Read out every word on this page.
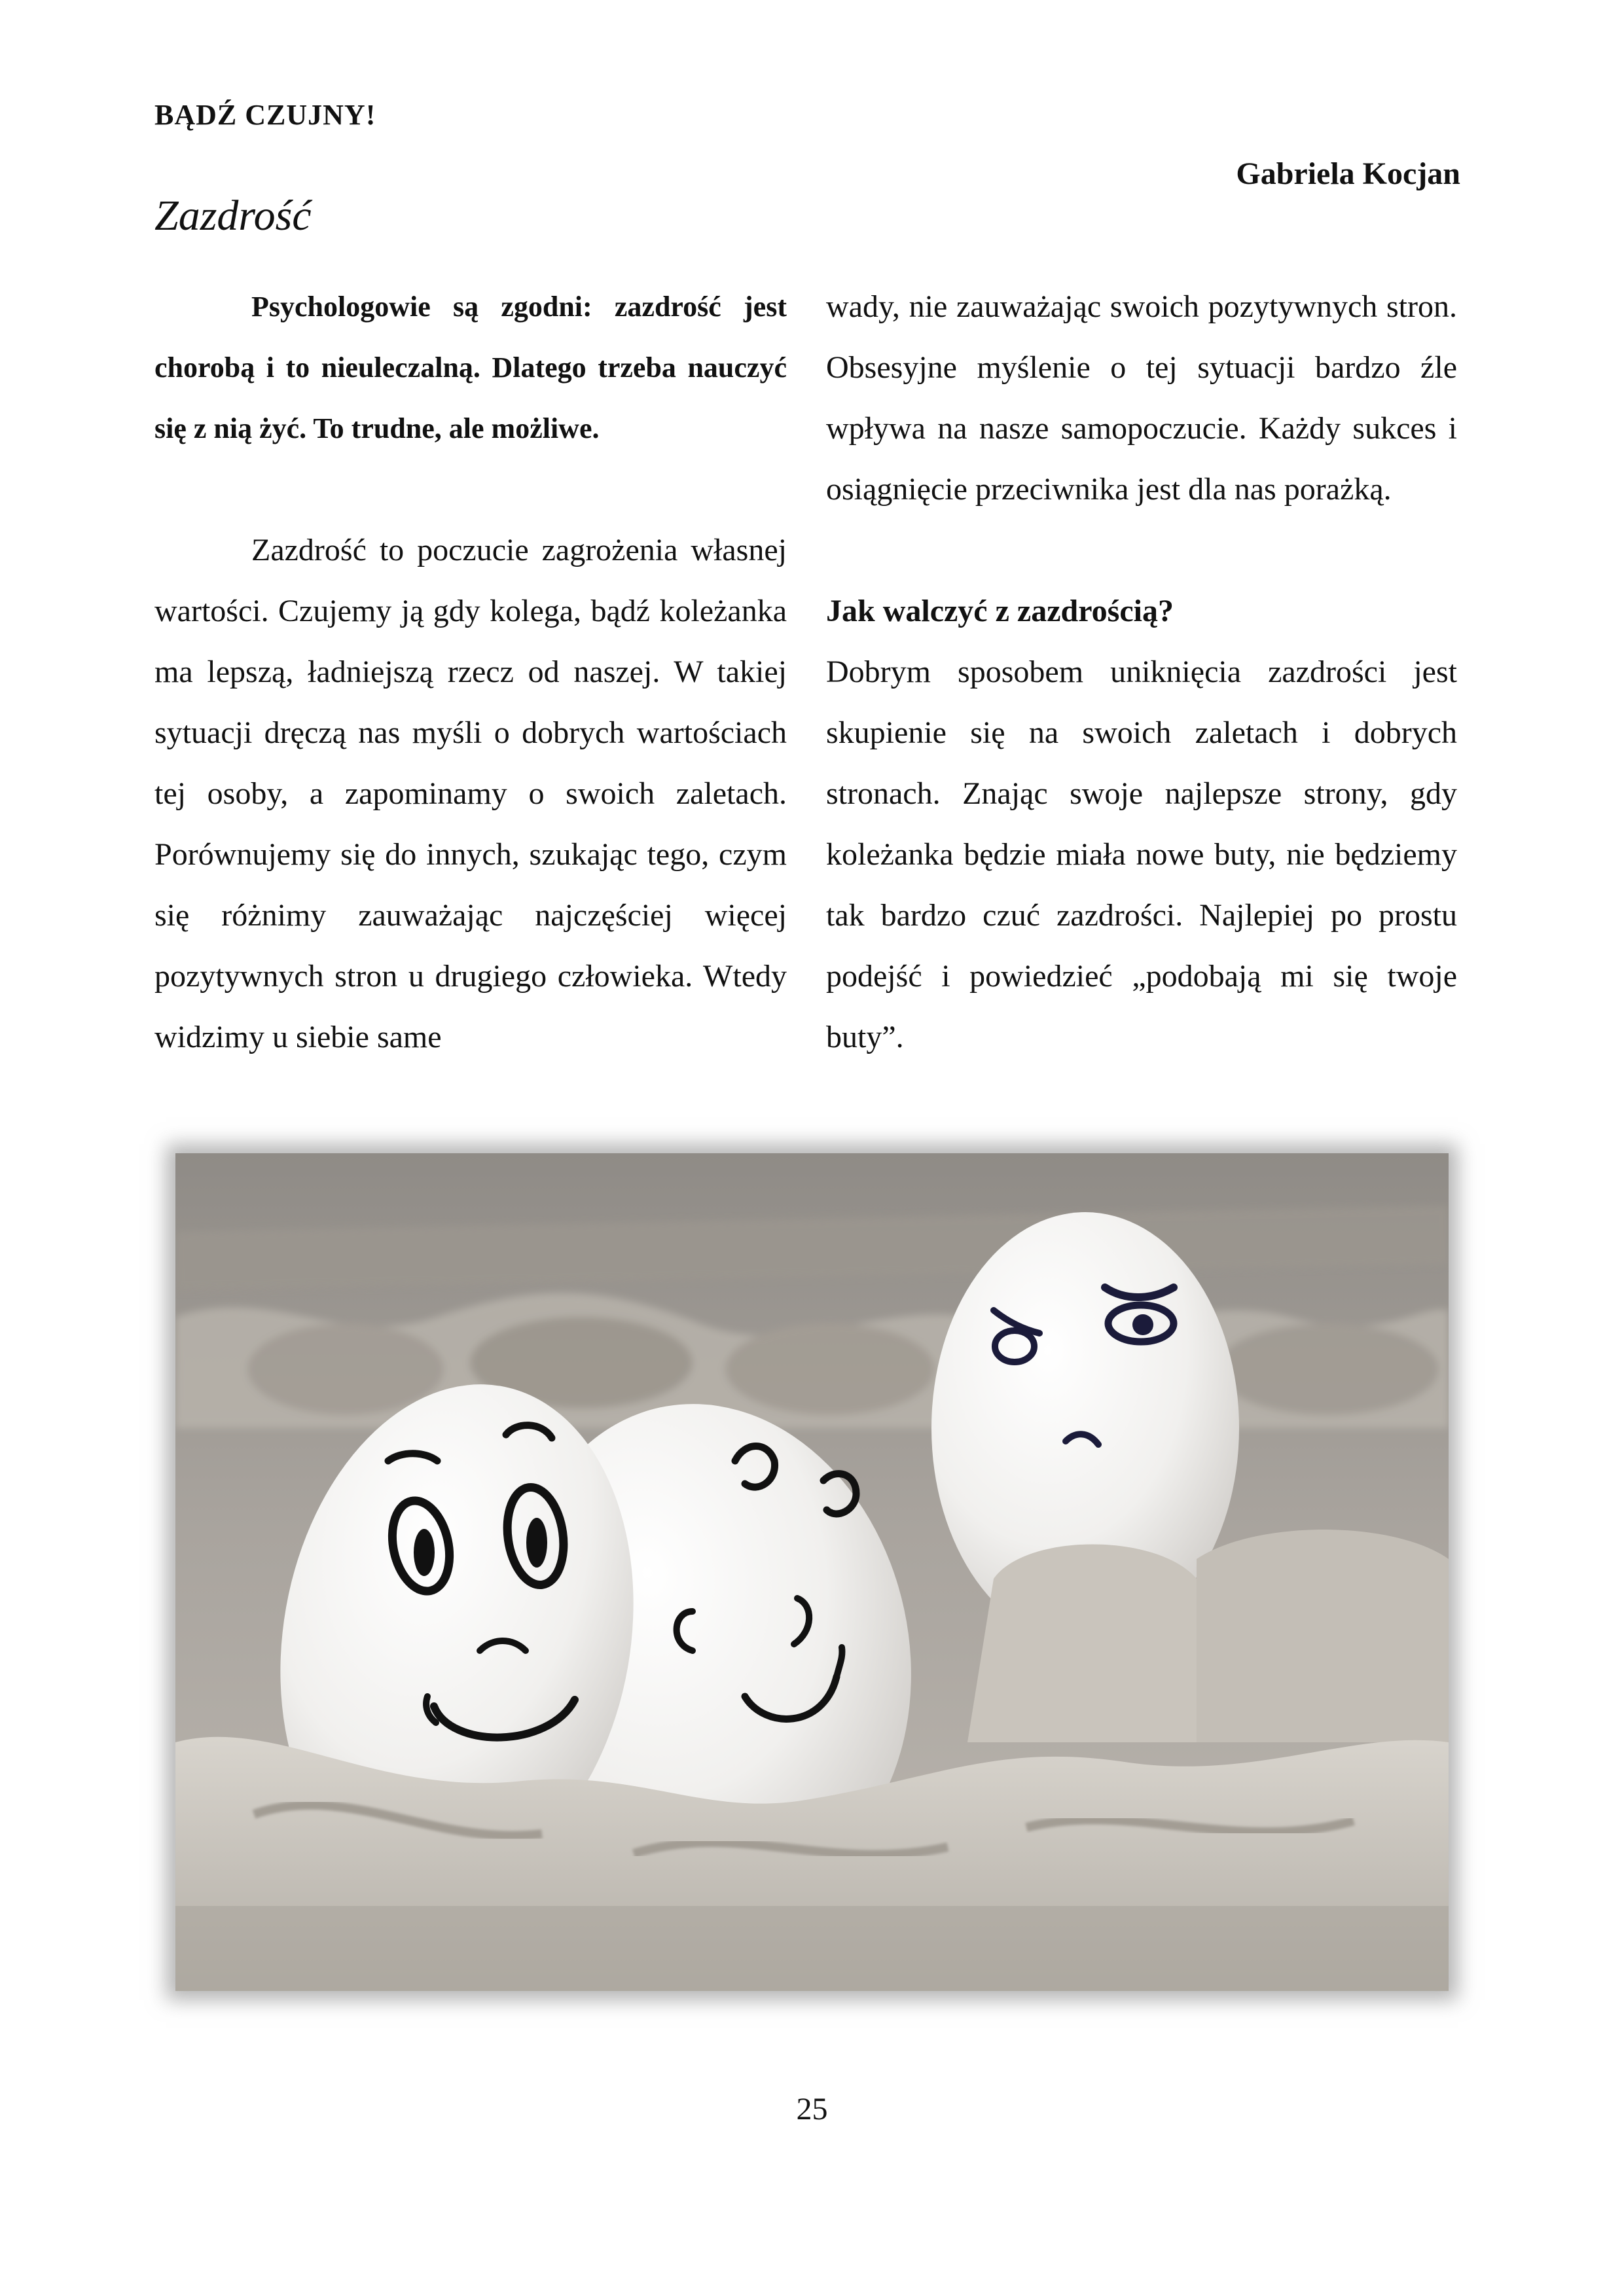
BĄDŹ CZUJNY!
Gabriela Kocjan
Zazdrość

Psychologowie są zgodni: zazdrość jest chorobą i to nieuleczalną. Dlatego trzeba nauczyć się z nią żyć. To trudne, ale możliwe.

Zazdrość to poczucie zagrożenia własnej wartości. Czujemy ją gdy kolega, bądź koleżanka ma lepszą, ładniejszą rzecz od naszej. W takiej sytuacji dręczą nas myśli o dobrych wartościach tej osoby, a zapominamy o swoich zaletach. Porównujemy się do innych, szukając tego, czym się różnimy zauważając najczęściej więcej pozytywnych stron u drugiego człowieka. Wtedy widzimy u siebie same

wady, nie zauważając swoich pozytywnych stron. Obsesyjne myślenie o tej sytuacji bardzo źle wpływa na nasze samopoczucie. Każdy sukces i osiągnięcie przeciwnika jest dla nas porażką.

Jak walczyć z zazdrością?

Dobrym sposobem uniknięcia zazdrości jest skupienie się na swoich zaletach i dobrych stronach. Znając swoje najlepsze strony, gdy koleżanka będzie miała nowe buty, nie będziemy tak bardzo czuć zazdrości. Najlepiej po prostu podejść i powiedzieć „podobają mi się twoje buty”.

25
